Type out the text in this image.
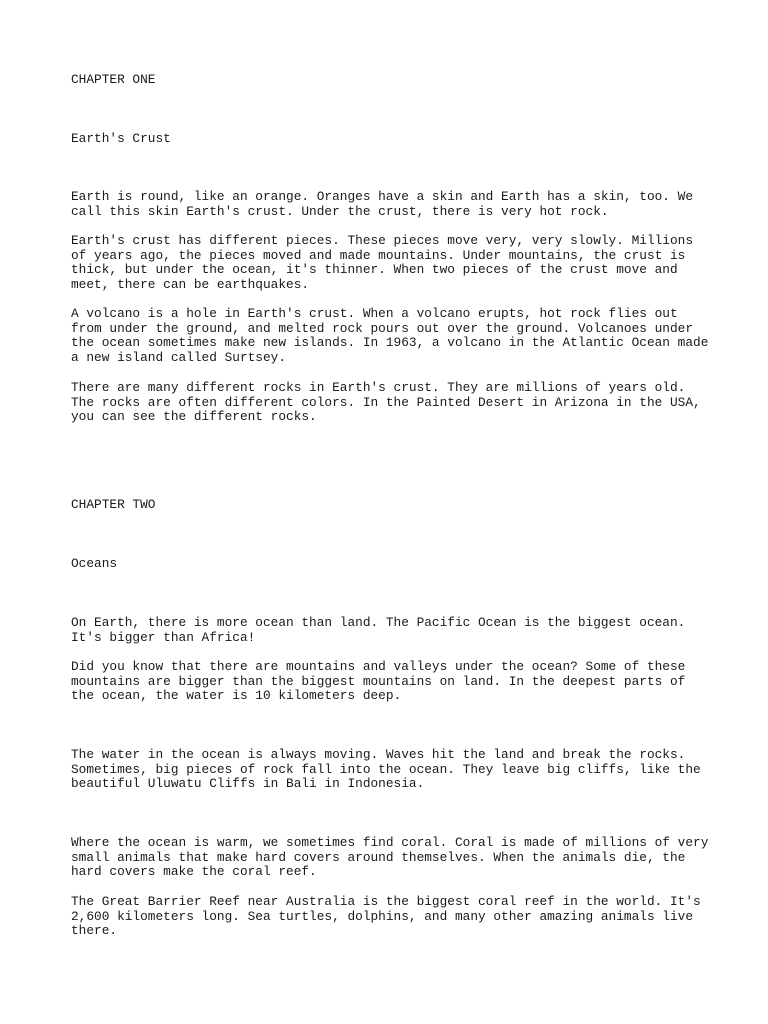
CHAPTER ONE

Earth's Crust

Earth is round, like an orange. Oranges have a skin and Earth has a skin, too. We
call this skin Earth's crust. Under the crust, there is very hot rock.

Earth's crust has different pieces. These pieces move very, very slowly. Millions
of years ago, the pieces moved and made mountains. Under mountains, the crust is
thick, but under the ocean, it's thinner. When two pieces of the crust move and
meet, there can be earthquakes.

A volcano is a hole in Earth's crust. When a volcano erupts, hot rock flies out
from under the ground, and melted rock pours out over the ground. Volcanoes under
the ocean sometimes make new islands. In 1963, a volcano in the Atlantic Ocean made
a new island called Surtsey.

There are many different rocks in Earth's crust. They are millions of years old.
The rocks are often different colors. In the Painted Desert in Arizona in the USA,
you can see the different rocks.

CHAPTER TWO

Oceans

On Earth, there is more ocean than land. The Pacific Ocean is the biggest ocean.
It's bigger than Africa!

Did you know that there are mountains and valleys under the ocean? Some of these
mountains are bigger than the biggest mountains on land. In the deepest parts of
the ocean, the water is 10 kilometers deep.

The water in the ocean is always moving. Waves hit the land and break the rocks.
Sometimes, big pieces of rock fall into the ocean. They leave big cliffs, like the
beautiful Uluwatu Cliffs in Bali in Indonesia.

Where the ocean is warm, we sometimes find coral. Coral is made of millions of very
small animals that make hard covers around themselves. When the animals die, the
hard covers make the coral reef.

The Great Barrier Reef near Australia is the biggest coral reef in the world. It's
2,600 kilometers long. Sea turtles, dolphins, and many other amazing animals live
there.
